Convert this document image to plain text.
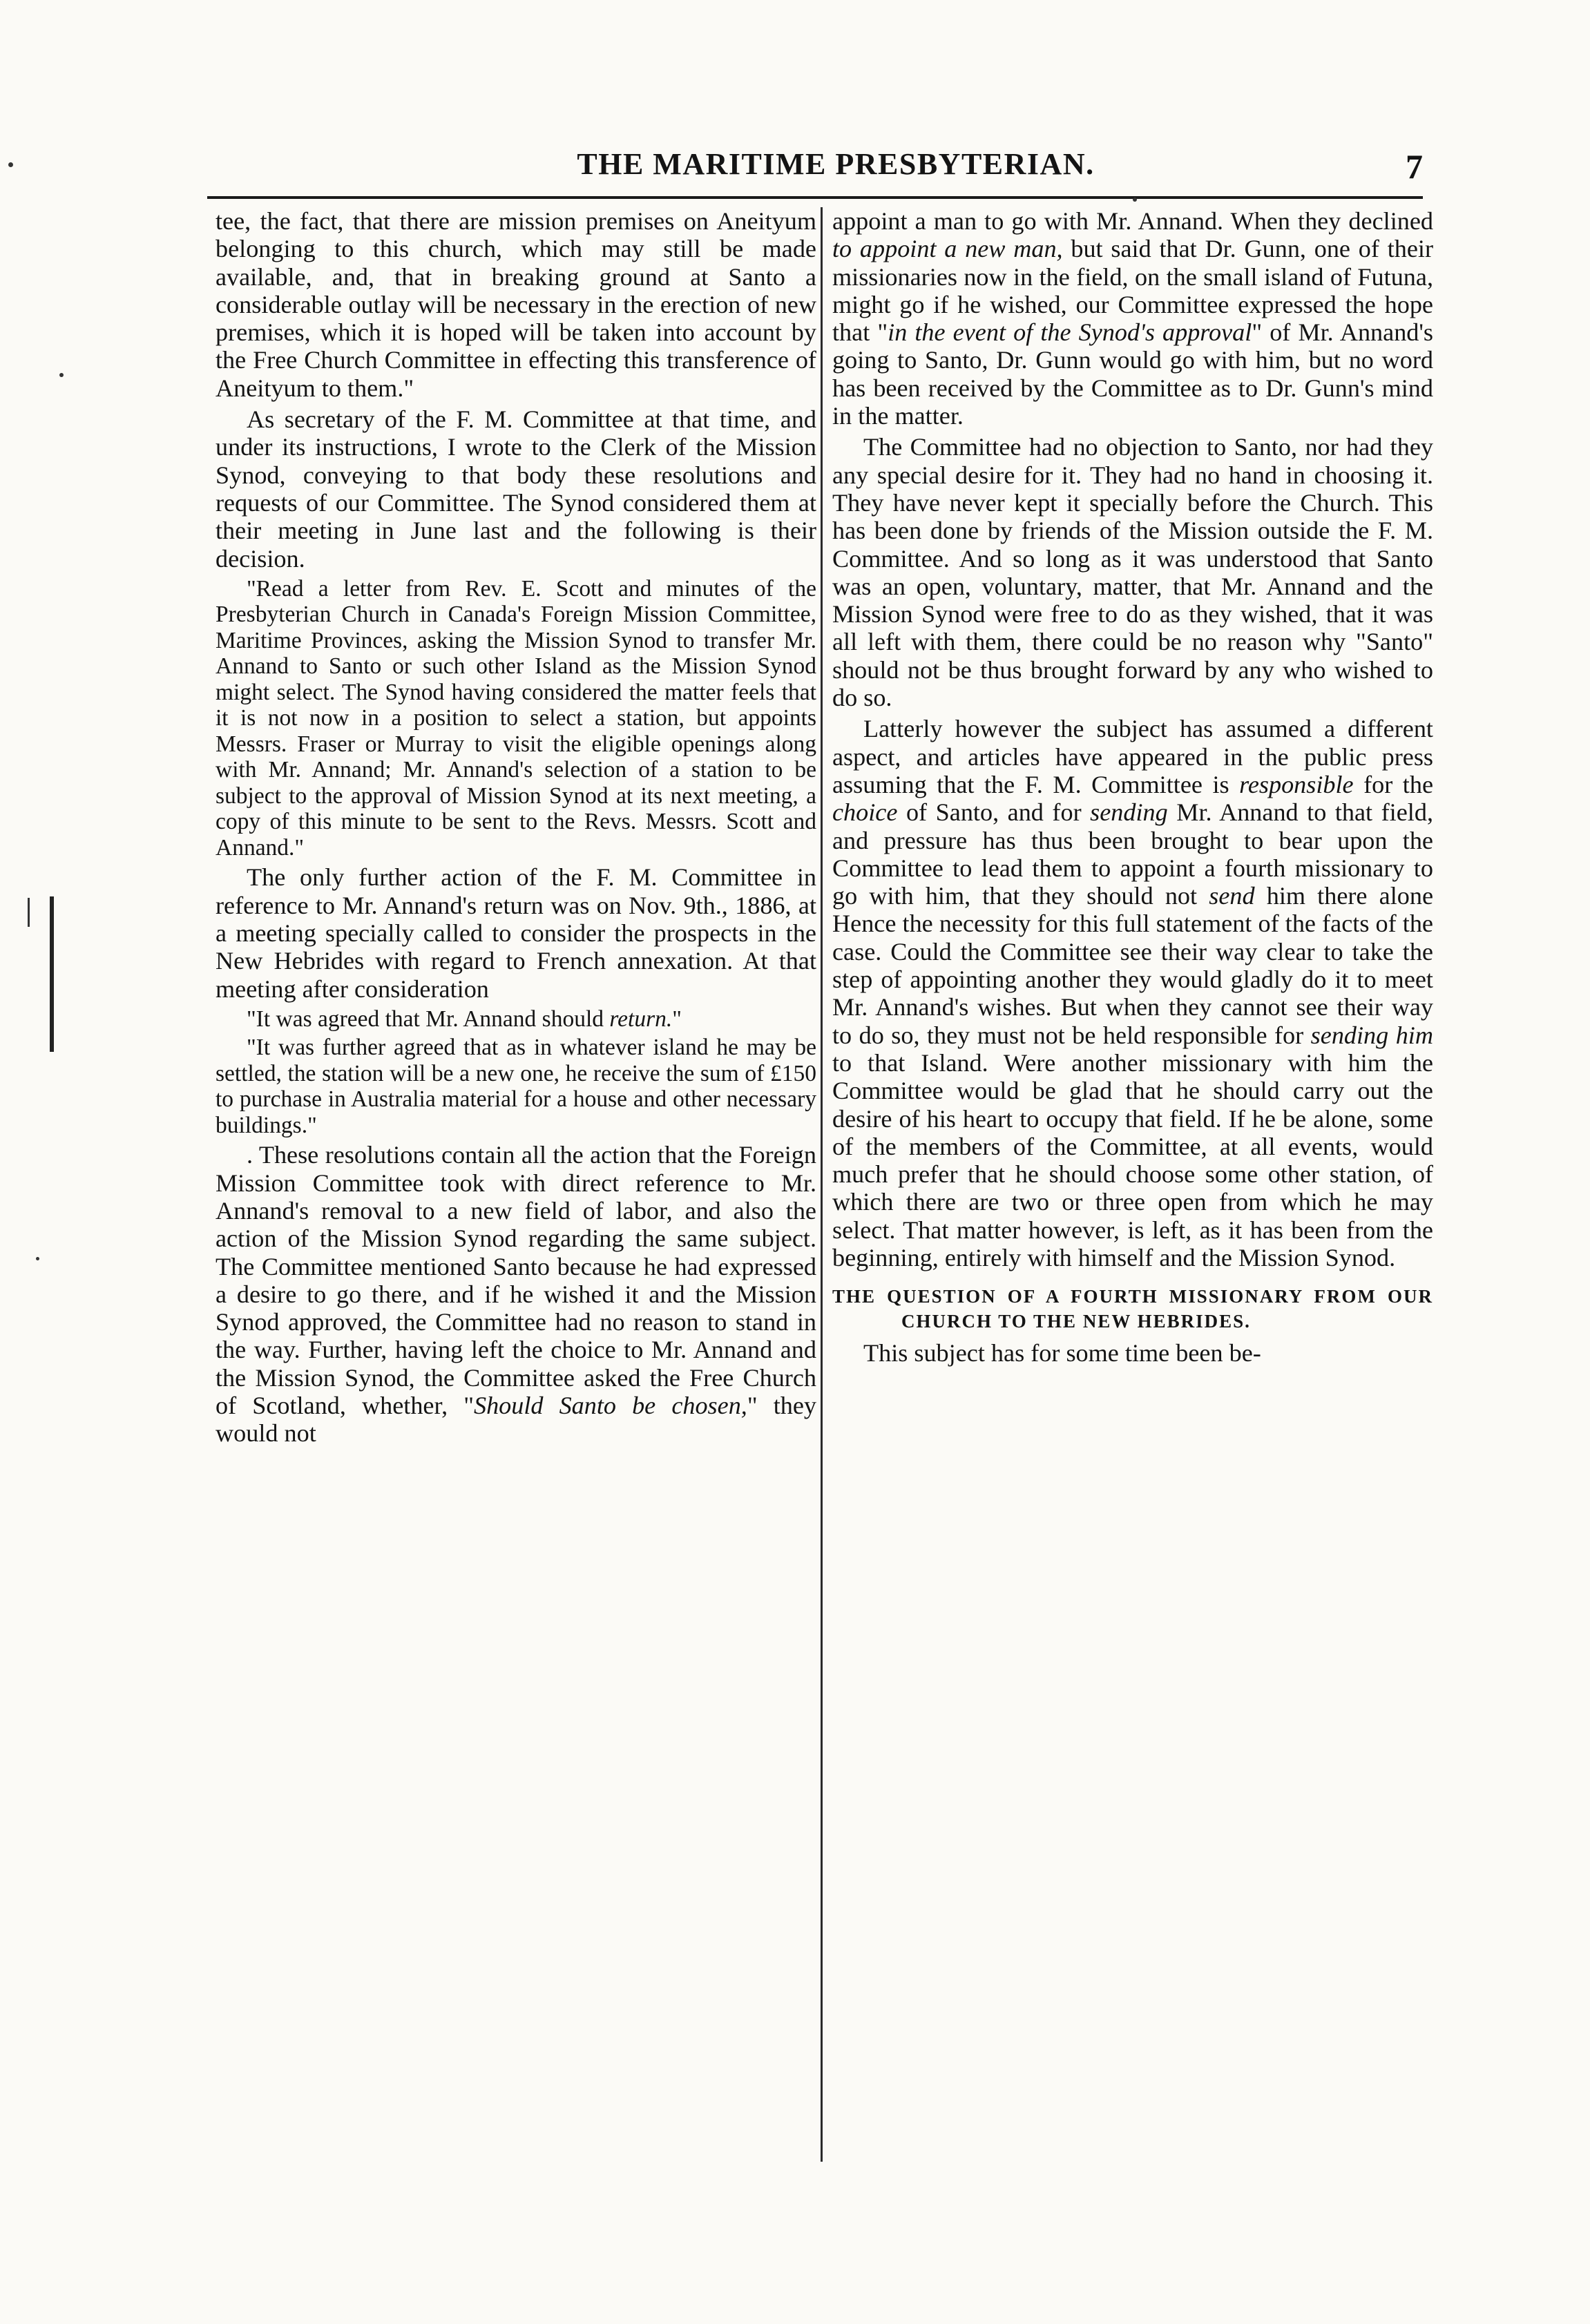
THE MARITIME PRESBYTERIAN.	7

tee, the fact, that there are mission premises on Aneityum belonging to this church, which may still be made available, and, that in breaking ground at Santo a considerable outlay will be necessary in the erection of new premises, which it is hoped will be taken into account by the Free Church Committee in effecting this transference of Aneityum to them."

As secretary of the F. M. Committee at that time, and under its instructions, I wrote to the Clerk of the Mission Synod, conveying to that body these resolutions and requests of our Committee. The Synod considered them at their meeting in June last and the following is their decision.

"Read a letter from Rev. E. Scott and minutes of the Presbyterian Church in Canada's Foreign Mission Committee, Maritime Provinces, asking the Mission Synod to transfer Mr. Annand to Santo or such other Island as the Mission Synod might select. The Synod having considered the matter feels that it is not now in a position to select a station, but appoints Messrs. Fraser or Murray to visit the eligible openings along with Mr. Annand; Mr. Annand's selection of a station to be subject to the approval of Mission Synod at its next meeting, a copy of this minute to be sent to the Revs. Messrs. Scott and Annand."

The only further action of the F. M. Committee in reference to Mr. Annand's return was on Nov. 9th., 1886, at a meeting specially called to consider the prospects in the New Hebrides with regard to French annexation. At that meeting after consideration

"It was agreed that Mr. Annand should return."

"It was further agreed that as in whatever island he may be settled, the station will be a new one, he receive the sum of £150 to purchase in Australia material for a house and other necessary buildings."

. These resolutions contain all the action that the Foreign Mission Committee took with direct reference to Mr. Annand's removal to a new field of labor, and also the action of the Mission Synod regarding the same subject. The Committee mentioned Santo because he had expressed a desire to go there, and if he wished it and the Mission Synod approved, the Committee had no reason to stand in the way. Further, having left the choice to Mr. Annand and the Mission Synod, the Committee asked the Free Church of Scotland, whether, "Should Santo be chosen," they would not

appoint a man to go with Mr. Annand. When they declined to appoint a new man, but said that Dr. Gunn, one of their missionaries now in the field, on the small island of Futuna, might go if he wished, our Committee expressed the hope that "in the event of the Synod's approval" of Mr. Annand's going to Santo, Dr. Gunn would go with him, but no word has been received by the Committee as to Dr. Gunn's mind in the matter.

The Committee had no objection to Santo, nor had they any special desire for it. They had no hand in choosing it. They have never kept it specially before the Church. This has been done by friends of the Mission outside the F. M. Committee. And so long as it was understood that Santo was an open, voluntary, matter, that Mr. Annand and the Mission Synod were free to do as they wished, that it was all left with them, there could be no reason why "Santo" should not be thus brought forward by any who wished to do so.

Latterly however the subject has assumed a different aspect, and articles have appeared in the public press assuming that the F. M. Committee is responsible for the choice of Santo, and for sending Mr. Annand to that field, and pressure has thus been brought to bear upon the Committee to lead them to appoint a fourth missionary to go with him, that they should not send him there alone Hence the necessity for this full statement of the facts of the case. Could the Committee see their way clear to take the step of appointing another they would gladly do it to meet Mr. Annand's wishes. But when they cannot see their way to do so, they must not be held responsible for sending him to that Island. Were another missionary with him the Committee would be glad that he should carry out the desire of his heart to occupy that field. If he be alone, some of the members of the Committee, at all events, would much prefer that he should choose some other station, of which there are two or three open from which he may select. That matter however, is left, as it has been from the beginning, entirely with himself and the Mission Synod.

THE QUESTION OF A FOURTH MISSIONARY FROM OUR CHURCH TO THE NEW HEBRIDES.

This subject has for some time been be-
